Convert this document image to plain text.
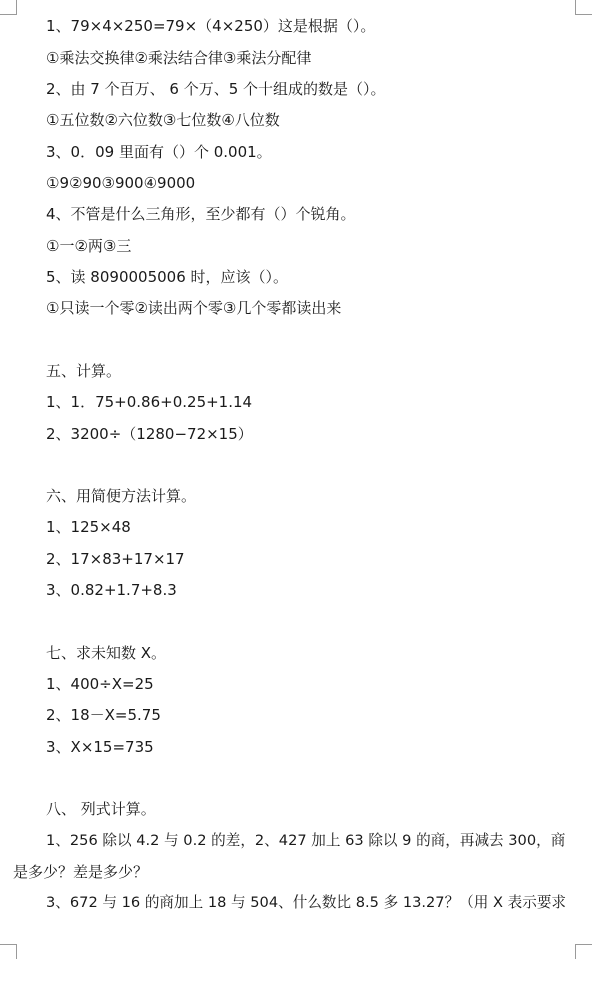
1、79×4×250=79×（4×250）这是根据（）。
①乘法交换律②乘法结合律③乘法分配律
2、由 7 个百万、 6 个万、5 个十组成的数是（）。
①五位数②六位数③七位数④八位数
3、0．09 里面有（）个 0.001。
①9②90③900④9000
4、不管是什么三角形，至少都有（）个锐角。
①一②两③三
5、读 8090005006 时，应该（）。
①只读一个零②读出两个零③几个零都读出来
五、计算。
1、1．75+0.86+0.25+1.14
2、3200÷（1280−72×15）
六、用简便方法计算。
1、125×48
2、17×83+17×17
3、0.82+1.7+8.3
七、求未知数 X。
1、400÷X=25
2、18－X=5.75
3、X×15=735
八、 列式计算。
1、256 除以 4.2 与 0.2 的差，2、427 加上 63 除以 9 的商，再减去 300，商
是多少？差是多少？
3、672 与 16 的商加上 18 与 504、什么数比 8.5 多 13.27？（用 X 表示要求
